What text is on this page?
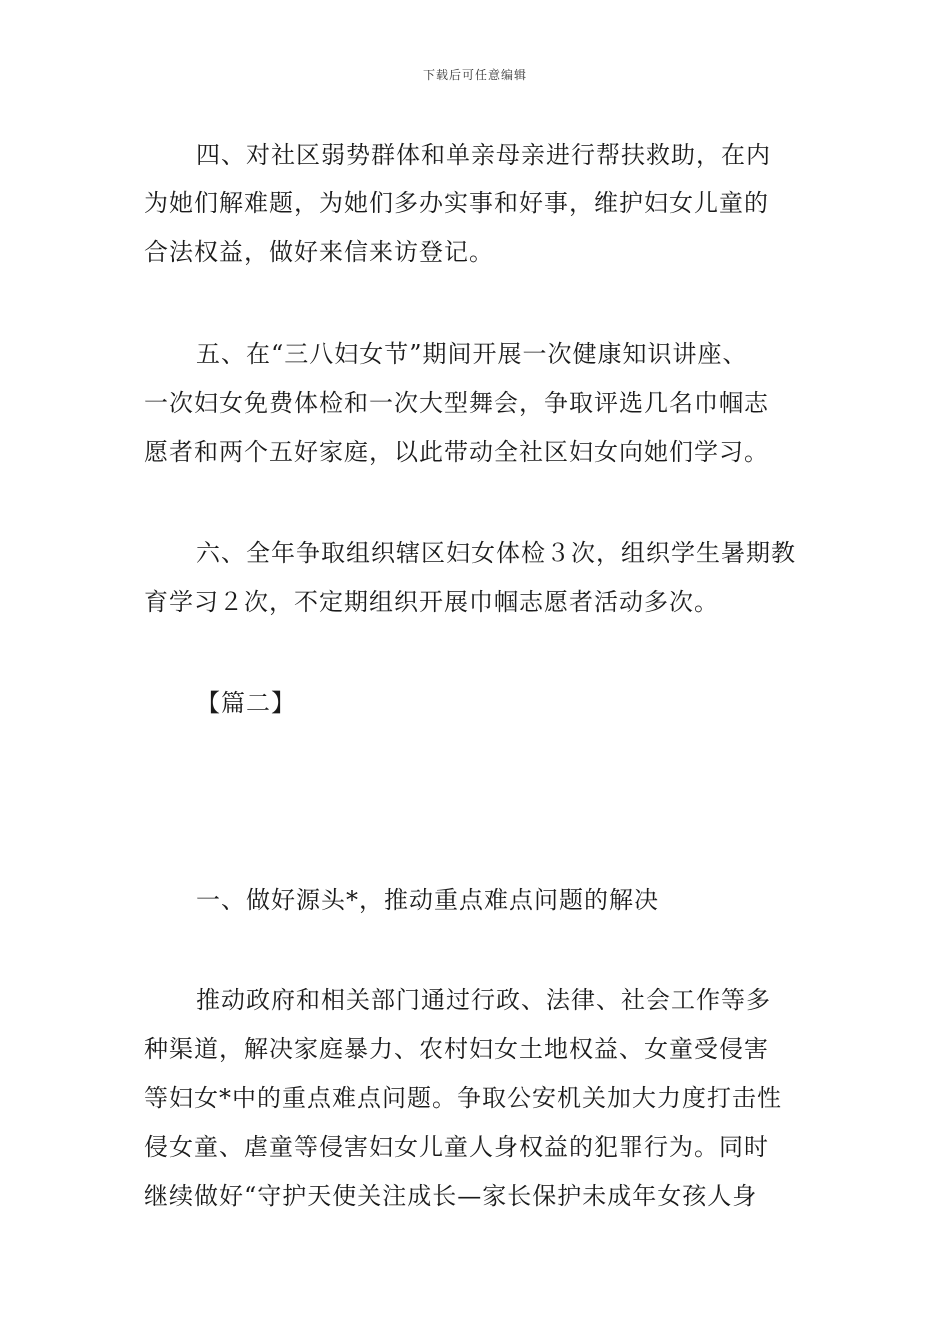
下载后可任意编辑
四、对社区弱势群体和单亲母亲进行帮扶救助，在内
为她们解难题，为她们多办实事和好事，维护妇女儿童的
合法权益，做好来信来访登记。
五、在“三八妇女节”期间开展一次健康知识讲座、
一次妇女免费体检和一次大型舞会，争取评选几名巾帼志
愿者和两个五好家庭，以此带动全社区妇女向她们学习。
六、全年争取组织辖区妇女体检３次，组织学生暑期教
育学习２次，不定期组织开展巾帼志愿者活动多次。
【篇二】
一、做好源头*，推动重点难点问题的解决
推动政府和相关部门通过行政、法律、社会工作等多
种渠道，解决家庭暴力、农村妇女土地权益、女童受侵害
等妇女*中的重点难点问题。争取公安机关加大力度打击性
侵女童、虐童等侵害妇女儿童人身权益的犯罪行为。同时
继续做好“守护天使关注成长—家长保护未成年女孩人身
